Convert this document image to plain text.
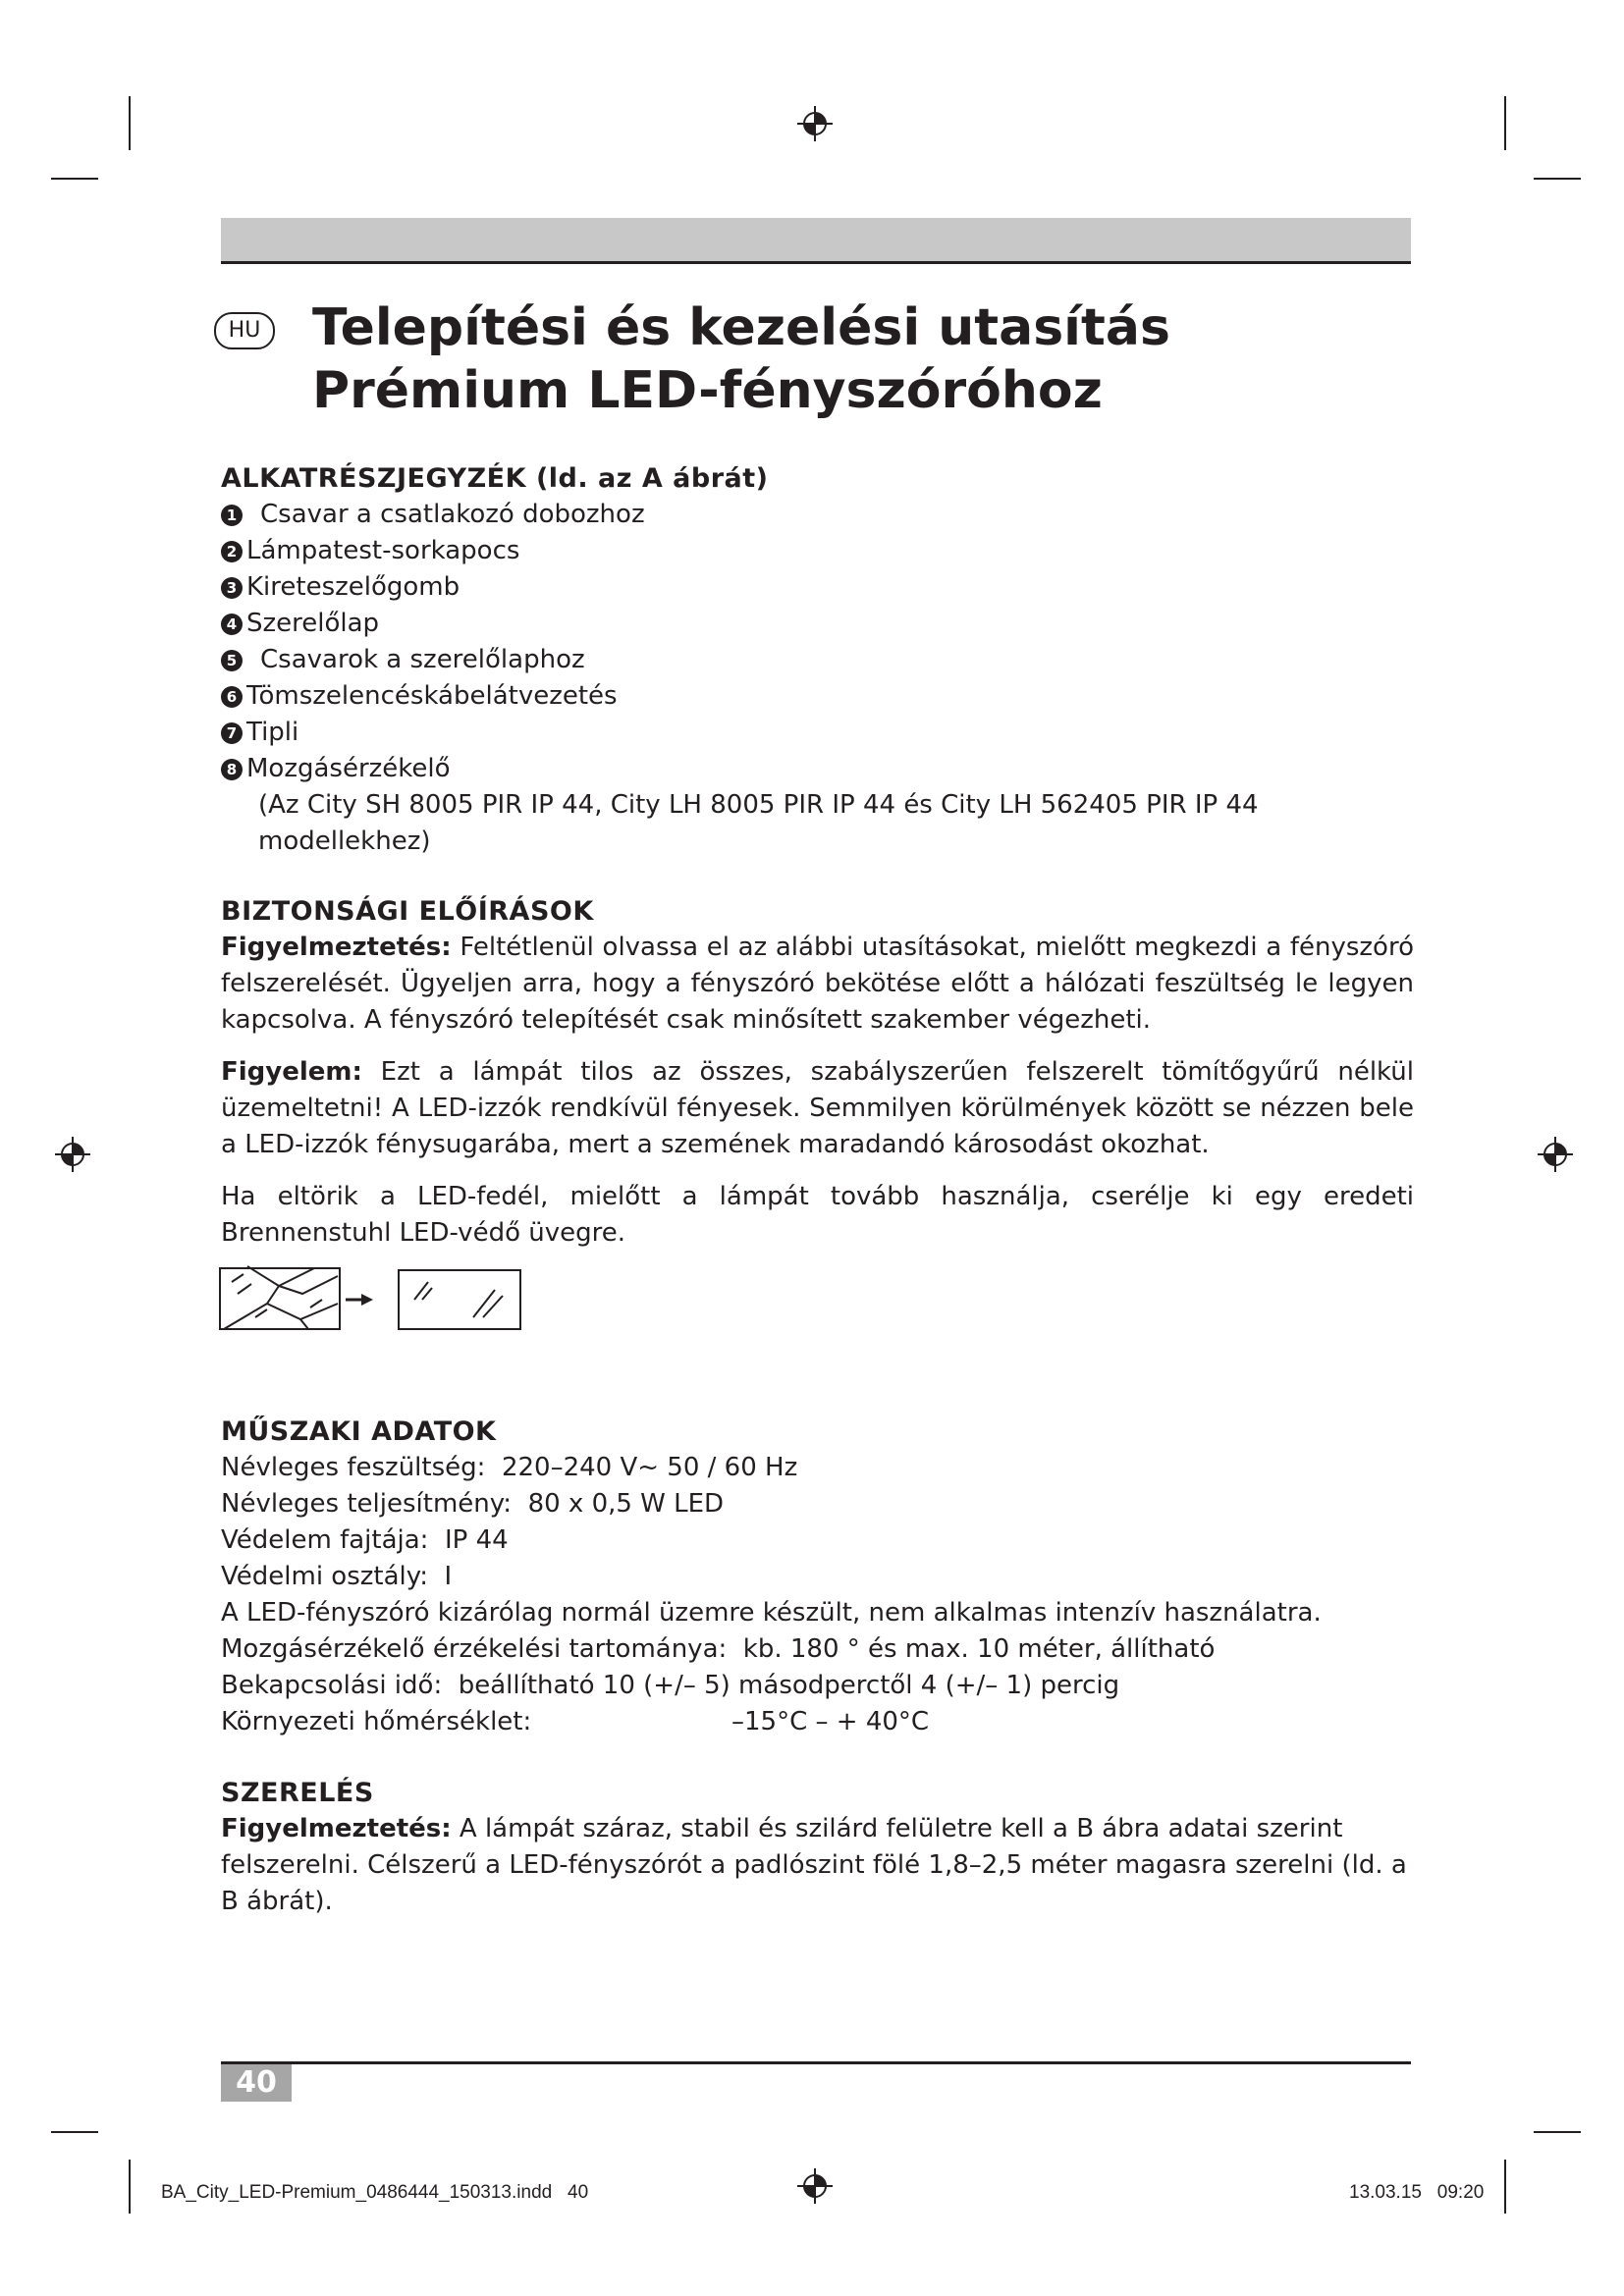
HU Telepítési és kezelési utasítás
Prémium LED-fényszóróhoz

ALKATRÉSZJEGYZÉK (ld. az A ábrát)

1 Csavar a csatlakozó dobozhoz
2 Lámpatest-sorkapocs
3 Kireteszelőgomb
4 Szerelőlap
5 Csavarok a szerelőlaphoz
6 Tömszelencéskábelátvezetés
7 Tipli
8 Mozgásérzékelő

(Az City SH 8005 PIR IP 44, City LH 8005 PIR IP 44 és City LH 562405 PIR IP 44 modellekhez)

BIZTONSÁGI ELŐÍRÁSOK

Figyelmeztetés: Feltétlenül olvassa el az alábbi utasításokat, mielőtt megkezdi a fényszóró felszerelését. Ügyeljen arra, hogy a fényszóró bekötése előtt a hálózati feszültség le legyen kapcsolva. A fényszóró telepítését csak minősített szakember végezheti.

Figyelem: Ezt a lámpát tilos az összes, szabályszerűen felszerelt tömítőgyűrű nélkül üzemeltetni! A LED-izzók rendkívül fényesek. Semmilyen körülmények között se nézzen bele a LED-izzók fénysugarába, mert a szemének maradandó károsodást okozhat.

Ha eltörik a LED-fedél, mielőtt a lámpát tovább használja, cserélje ki egy eredeti Brennenstuhl LED-védő üvegre.

MŰSZAKI ADATOK

Névleges feszültség: 220–240 V~ 50 / 60 Hz

Névleges teljesítmény: 80 x 0,5 W LED

Védelem fajtája: IP 44

Védelmi osztály: I

A LED-fényszóró kizárólag normál üzemre készült, nem alkalmas intenzív használatra.

Mozgásérzékelő érzékelési tartománya: kb. 180 ° és max. 10 méter, állítható

Bekapcsolási idő: beállítható 10 (+/– 5) másodperctől 4 (+/– 1) percig

Környezeti hőmérséklet:	–15°C – + 40°C

SZERELÉS

Figyelmeztetés: A lámpát száraz, stabil és szilárd felületre kell a B ábra adatai szerint felszerelni. Célszerű a LED-fényszórót a padlószint fölé 1,8–2,5 méter magasra szerelni (ld. a B ábrát).

40
BA_City_LED-Premium_0486444_150313.indd   40	13.03.15   09:20
